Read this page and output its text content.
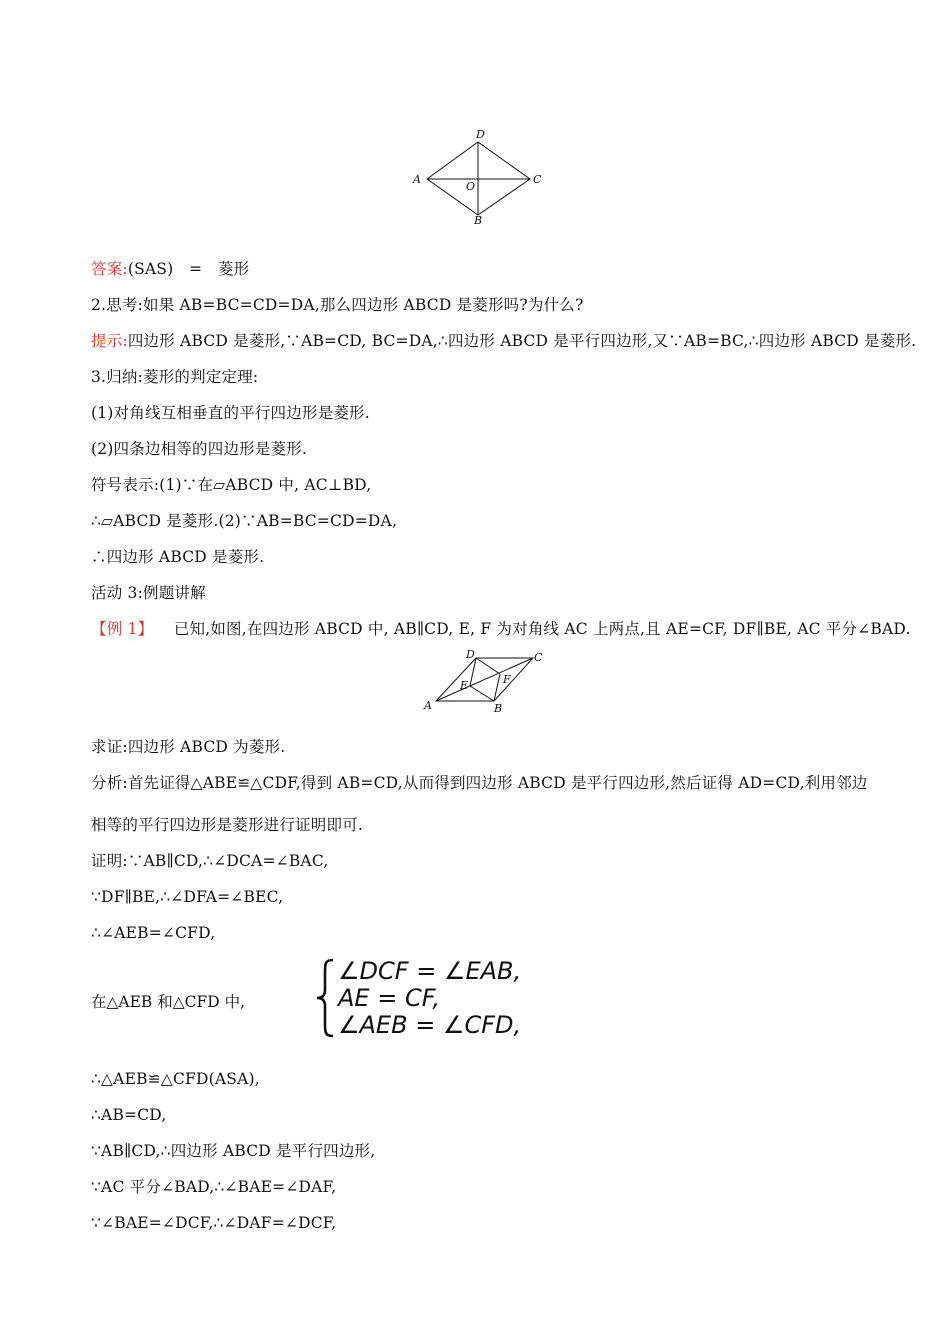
A
B
C
D
O
答案:(SAS)　=　菱形
2.思考:如果 AB=BC=CD=DA,那么四边形 ABCD 是菱形吗?为什么?
提示:四边形 ABCD 是菱形,∵AB=CD, BC=DA,∴四边形 ABCD 是平行四边形,又∵AB=BC,∴四边形 ABCD 是菱形.
3.归纳:菱形的判定定理:
(1)对角线互相垂直的平行四边形是菱形.
(2)四条边相等的四边形是菱形.
符号表示:(1)∵在▱ABCD 中, AC⊥BD,
∴▱ABCD 是菱形.(2)∵AB=BC=CD=DA,
∴四边形 ABCD 是菱形.
活动 3:例题讲解
【例 1】 已知,如图,在四边形 ABCD 中, AB∥CD, E, F 为对角线 AC 上两点,且 AE=CF, DF∥BE, AC 平分∠BAD.
A	B
C
D
E	F
求证:四边形 ABCD 为菱形.
分析:首先证得△ABE≌△CDF,得到 AB=CD,从而得到四边形 ABCD 是平行四边形,然后证得 AD=CD,利用邻边
相等的平行四边形是菱形进行证明即可.
证明:∵AB∥CD,∴∠DCA=∠BAC,
∵DF∥BE,∴∠DFA=∠BEC,
∴∠AEB=∠CFD,
在△AEB 和△CFD 中,
∠DCF = ∠EAB,
AE = CF,
∠AEB = ∠CFD,
∴△AEB≌△CFD(ASA),
∴AB=CD,
∵AB∥CD,∴四边形 ABCD 是平行四边形,
∵AC 平分∠BAD,∴∠BAE=∠DAF,
∵∠BAE=∠DCF,∴∠DAF=∠DCF,
